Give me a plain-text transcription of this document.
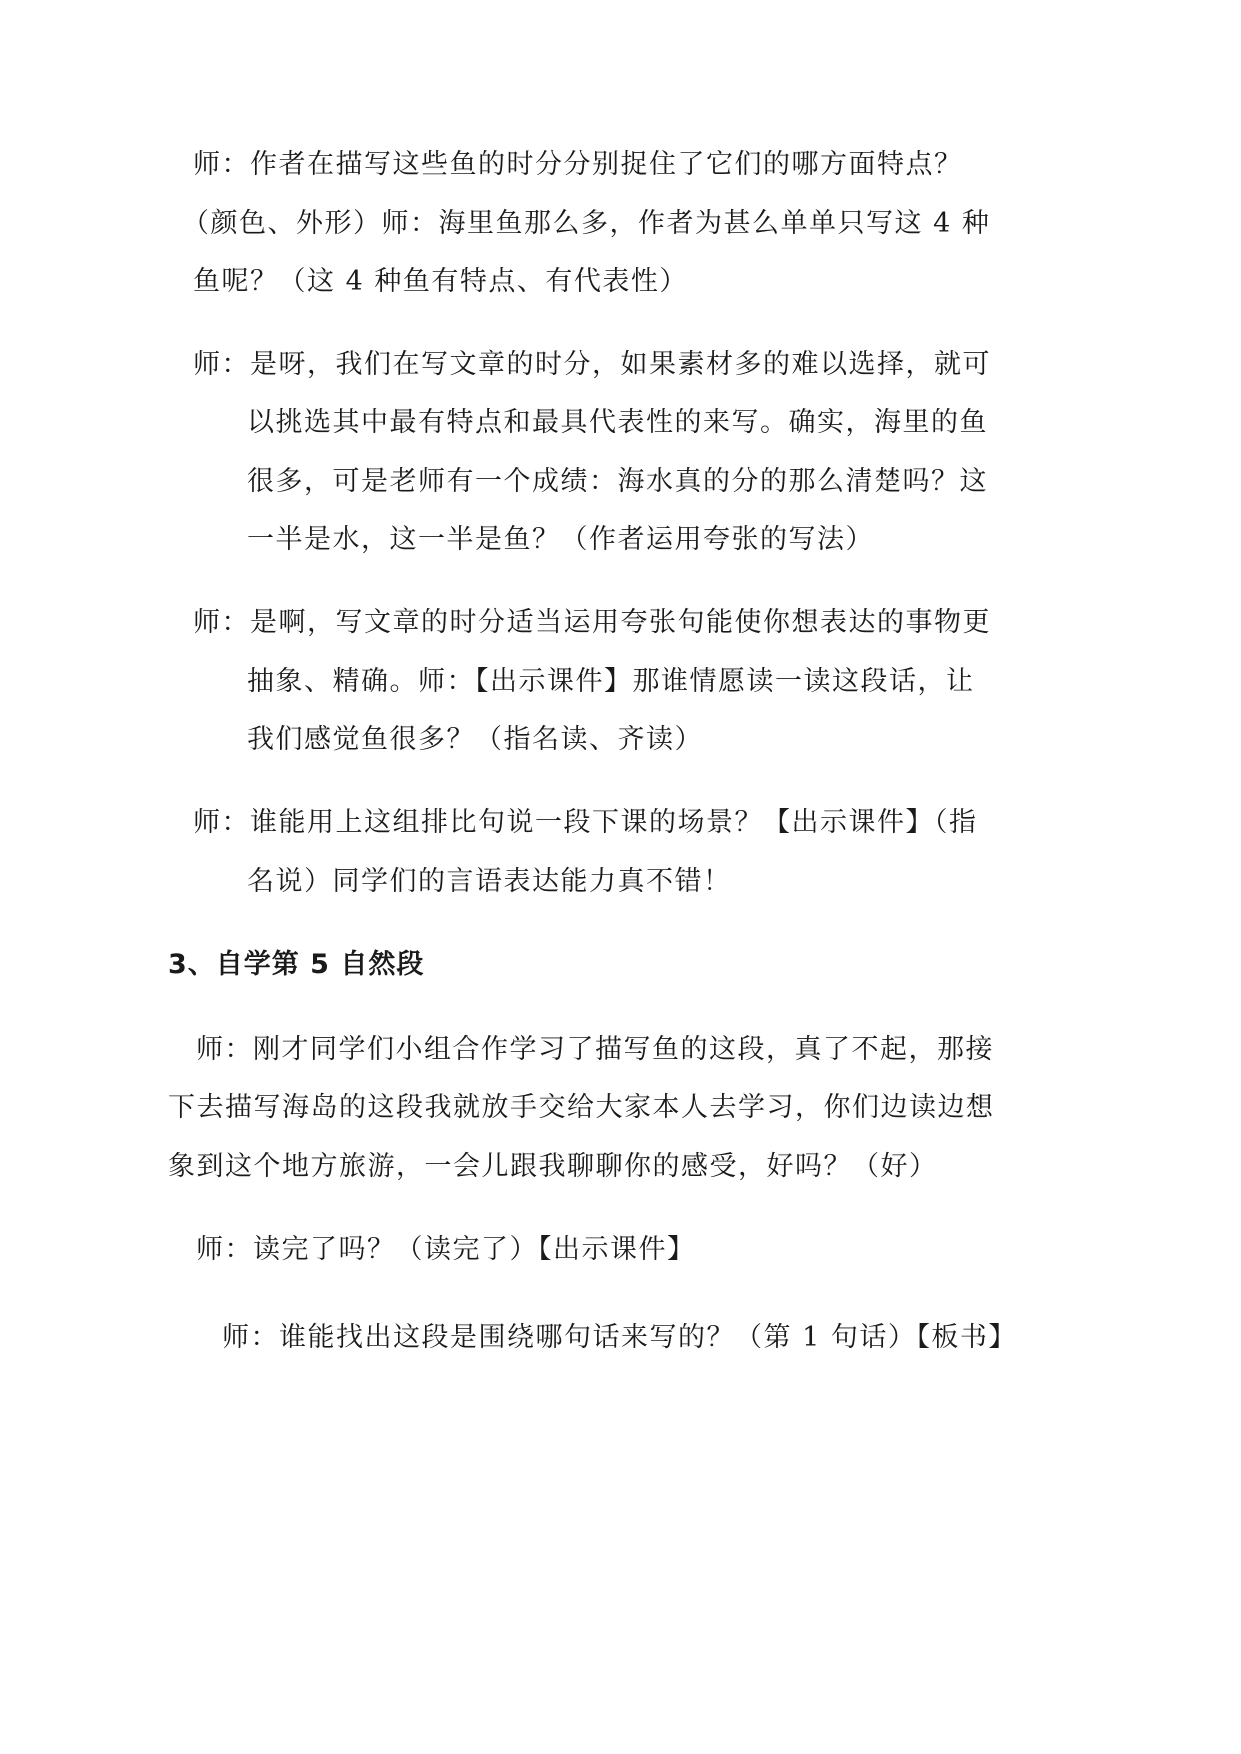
师：作者在描写这些鱼的时分分别捉住了它们的哪方面特点？
（颜色、外形）师：海里鱼那么多，作者为甚么单单只写这 4 种
鱼呢？（这 4 种鱼有特点、有代表性）
师：是呀，我们在写文章的时分，如果素材多的难以选择，就可
以挑选其中最有特点和最具代表性的来写。确实，海里的鱼
很多，可是老师有一个成绩：海水真的分的那么清楚吗？这
一半是水，这一半是鱼？（作者运用夸张的写法）
师：是啊，写文章的时分适当运用夸张句能使你想表达的事物更
抽象、精确。师：【出示课件】那谁情愿读一读这段话，让
我们感觉鱼很多？（指名读、齐读）
师：谁能用上这组排比句说一段下课的场景？【出示课件】（指
名说）同学们的言语表达能力真不错！
3、自学第 5 自然段
师：刚才同学们小组合作学习了描写鱼的这段，真了不起，那接
下去描写海岛的这段我就放手交给大家本人去学习，你们边读边想
象到这个地方旅游，一会儿跟我聊聊你的感受，好吗？（好）
师：读完了吗？（读完了）【出示课件】
师：谁能找出这段是围绕哪句话来写的？（第 1 句话）【板书】
